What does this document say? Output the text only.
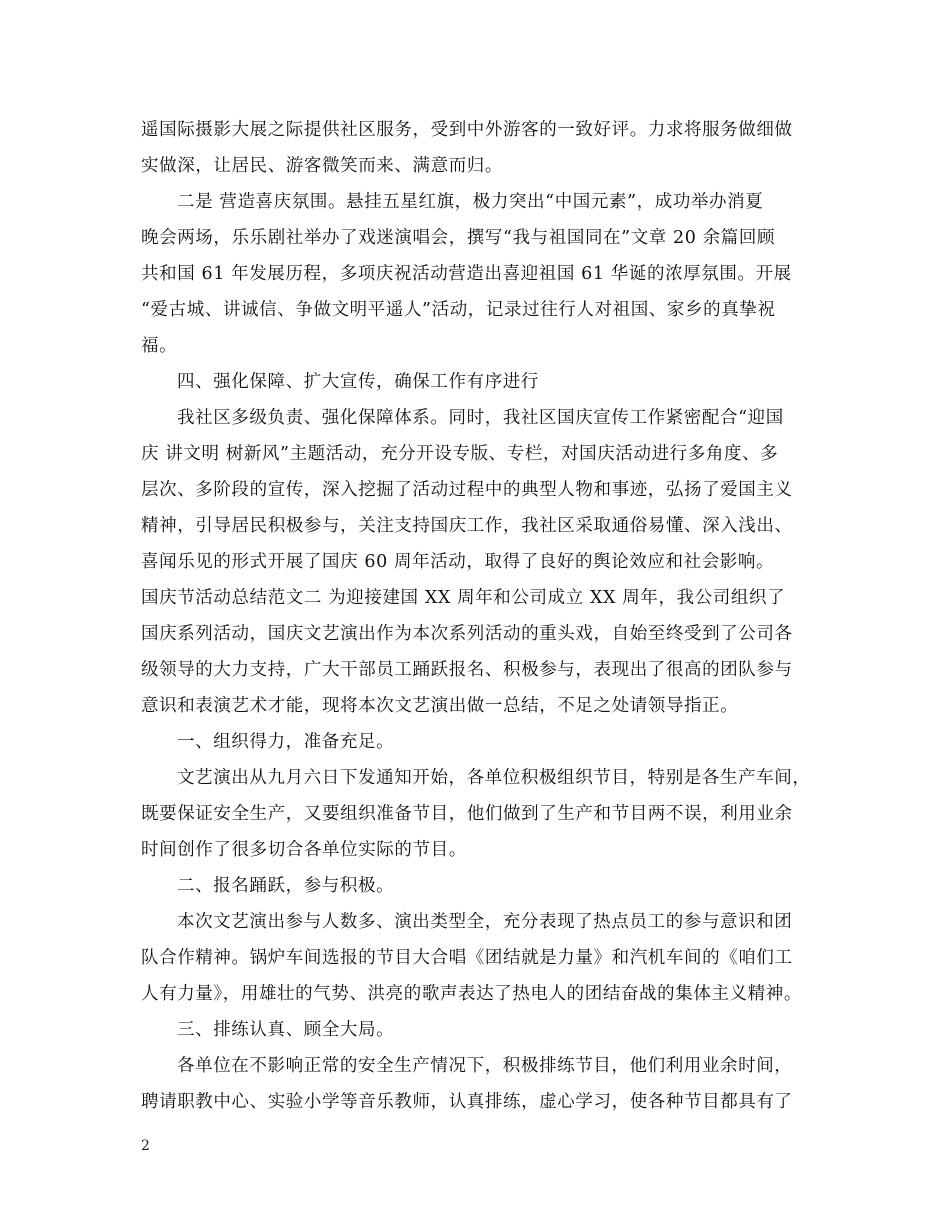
遥国际摄影大展之际提供社区服务，受到中外游客的一致好评。力求将服务做细做
实做深，让居民、游客微笑而来、满意而归。
二是 营造喜庆氛围。悬挂五星红旗，极力突出“中国元素”，成功举办消夏
晚会两场，乐乐剧社举办了戏迷演唱会，撰写“我与祖国同在”文章 20 余篇回顾
共和国 61 年发展历程，多项庆祝活动营造出喜迎祖国 61 华诞的浓厚氛围。开展
“爱古城、讲诚信、争做文明平遥人”活动，记录过往行人对祖国、家乡的真挚祝
福。
四、强化保障、扩大宣传，确保工作有序进行
我社区多级负责、强化保障体系。同时，我社区国庆宣传工作紧密配合“迎国
庆 讲文明 树新风”主题活动，充分开设专版、专栏，对国庆活动进行多角度、多
层次、多阶段的宣传，深入挖掘了活动过程中的典型人物和事迹，弘扬了爱国主义
精神，引导居民积极参与，关注支持国庆工作，我社区采取通俗易懂、深入浅出、
喜闻乐见的形式开展了国庆 60 周年活动，取得了良好的舆论效应和社会影响。
国庆节活动总结范文二 为迎接建国 XX 周年和公司成立 XX 周年，我公司组织了
国庆系列活动，国庆文艺演出作为本次系列活动的重头戏，自始至终受到了公司各
级领导的大力支持，广大干部员工踊跃报名、积极参与，表现出了很高的团队参与
意识和表演艺术才能，现将本次文艺演出做一总结，不足之处请领导指正。
一、组织得力，准备充足。
文艺演出从九月六日下发通知开始，各单位积极组织节目，特别是各生产车间，
既要保证安全生产，又要组织准备节目，他们做到了生产和节目两不误，利用业余
时间创作了很多切合各单位实际的节目。
二、报名踊跃，参与积极。
本次文艺演出参与人数多、演出类型全，充分表现了热点员工的参与意识和团
队合作精神。锅炉车间选报的节目大合唱《团结就是力量》和汽机车间的《咱们工
人有力量》，用雄壮的气势、洪亮的歌声表达了热电人的团结奋战的集体主义精神。
三、排练认真、顾全大局。
各单位在不影响正常的安全生产情况下，积极排练节目，他们利用业余时间，
聘请职教中心、实验小学等音乐教师，认真排练，虚心学习，使各种节目都具有了
2
